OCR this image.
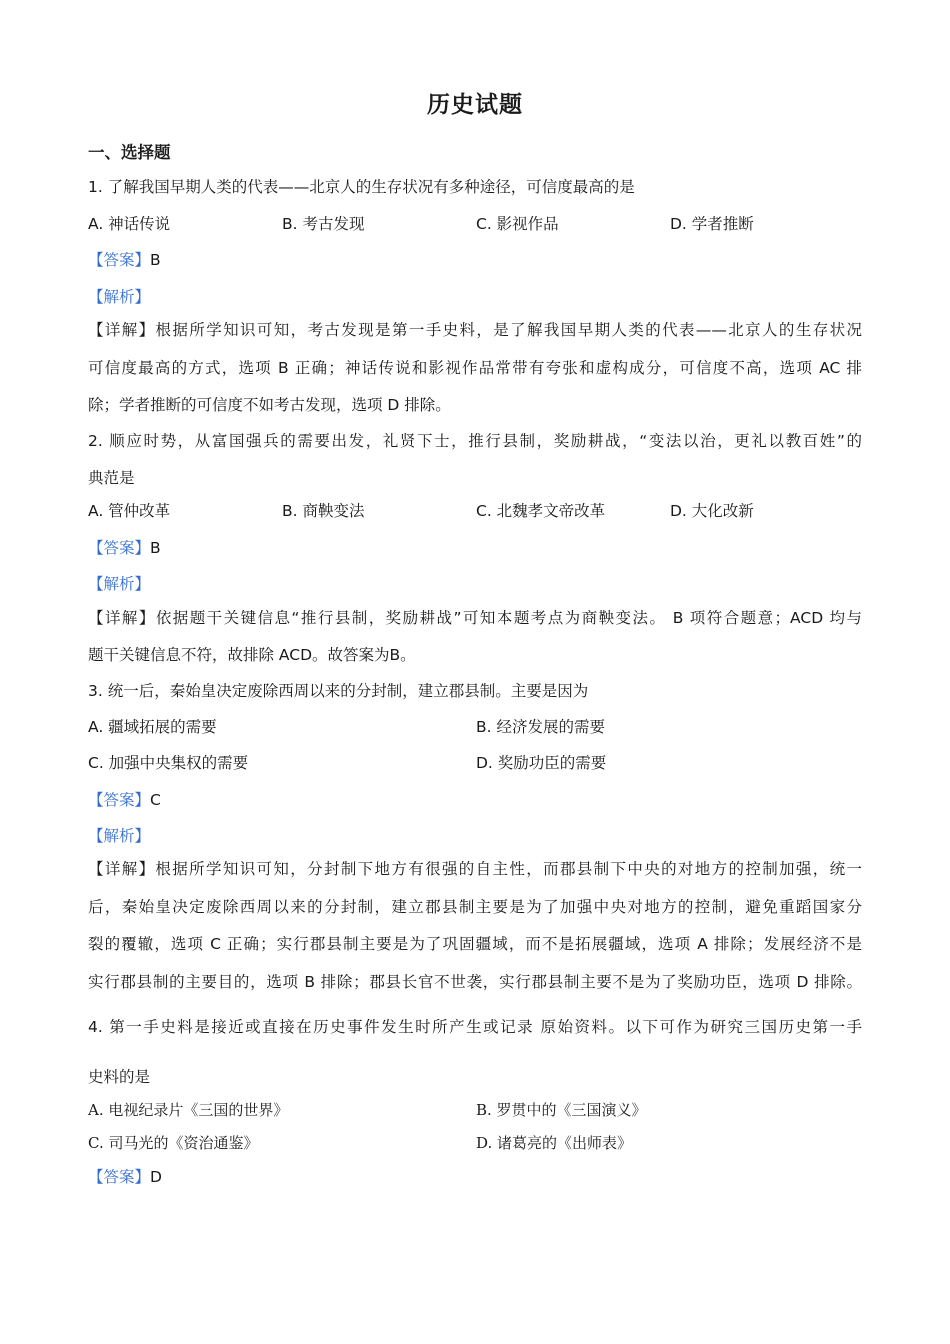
历史试题
一、选择题
1. 了解我国早期人类的代表——北京人的生存状况有多种途径，可信度最高的是
A. 神话传说	B. 考古发现	C. 影视作品	D. 学者推断
【答案】B
【解析】
【详解】根据所学知识可知，考古发现是第一手史料，是了解我国早期人类的代表——北京人的生存状况
可信度最高的方式，选项 B 正确；神话传说和影视作品常带有夸张和虚构成分，可信度不高，选项 AC 排
除；学者推断的可信度不如考古发现，选项 D 排除。
2. 顺应时势，从富国强兵的需要出发，礼贤下士，推行县制，奖励耕战，“变法以治，更礼以教百姓”的
典范是
A. 管仲改革	B. 商鞅变法	C. 北魏孝文帝改革	D. 大化改新
【答案】B
【解析】
【详解】依据题干关键信息“推行县制，奖励耕战”可知本题考点为商鞅变法。 B 项符合题意；ACD 均与
题干关键信息不符，故排除 ACD。故答案为B。
3. 统一后，秦始皇决定废除西周以来的分封制，建立郡县制。主要是因为
A. 疆域拓展的需要	B. 经济发展的需要
C. 加强中央集权的需要	D. 奖励功臣的需要
【答案】C
【解析】
【详解】根据所学知识可知，分封制下地方有很强的自主性，而郡县制下中央的对地方的控制加强，统一
后，秦始皇决定废除西周以来的分封制，建立郡县制主要是为了加强中央对地方的控制，避免重蹈国家分
裂的覆辙，选项 C 正确；实行郡县制主要是为了巩固疆域，而不是拓展疆域，选项 A 排除；发展经济不是
实行郡县制的主要目的，选项 B 排除；郡县长官不世袭，实行郡县制主要不是为了奖励功臣，选项 D 排除。
4. 第一手史料是接近或直接在历史事件发生时所产生或记录 原始资料。以下可作为研究三国历史第一手
史料的是
A. 电视纪录片《三国的世界》	B. 罗贯中的《三国演义》
C. 司马光的《资治通鉴》	D. 诸葛亮的《出师表》
【答案】D
